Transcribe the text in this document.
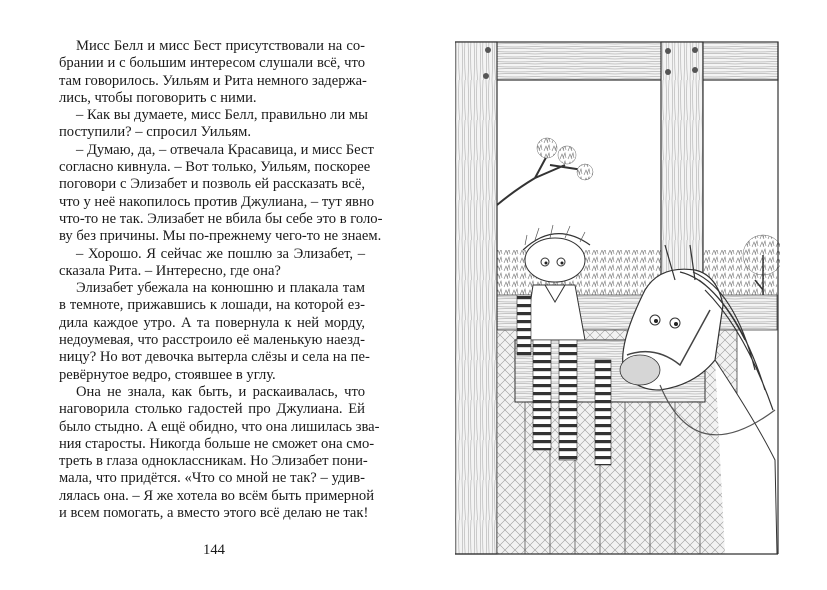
Мисс Белл и мисс Бест присутствовали на со-
брании и с большим интересом слушали всё, что
там говорилось. Уильям и Рита немного задержа-
лись, чтобы поговорить с ними.
– Как вы думаете, мисс Белл, правильно ли мы
поступили? – спросил Уильям.
– Думаю, да, – отвечала Красавица, и мисс Бест
согласно кивнула. – Вот только, Уильям, поскорее
поговори с Элизабет и позволь ей рассказать всё,
что у неё накопилось против Джулиана, – тут явно
что-то не так. Элизабет не вбила бы себе это в голо-
ву без причины. Мы по-прежнему чего-то не знаем.
– Хорошо. Я сейчас же пошлю за Элизабет, –
сказала Рита. – Интересно, где она?
Элизабет убежала на конюшню и плакала там
в темноте, прижавшись к лошади, на которой ез-
дила каждое утро. А та повернула к ней морду,
недоумевая, что расстроило её маленькую наезд-
ницу? Но вот девочка вытерла слёзы и села на пе-
ревёрнутое ведро, стоявшее в углу.
Она не знала, как быть, и раскаивалась, что
наговорила столько гадостей про Джулиана. Ей
было стыдно. А ещё обидно, что она лишилась зва-
ния старосты. Никогда больше не сможет она смо-
треть в глаза одноклассникам. Но Элизабет пони-
мала, что придётся. «Что со мной не так? – удив-
лялась она. – Я же хотела во всём быть примерной
и всем помогать, а вместо этого всё делаю не так!
144
